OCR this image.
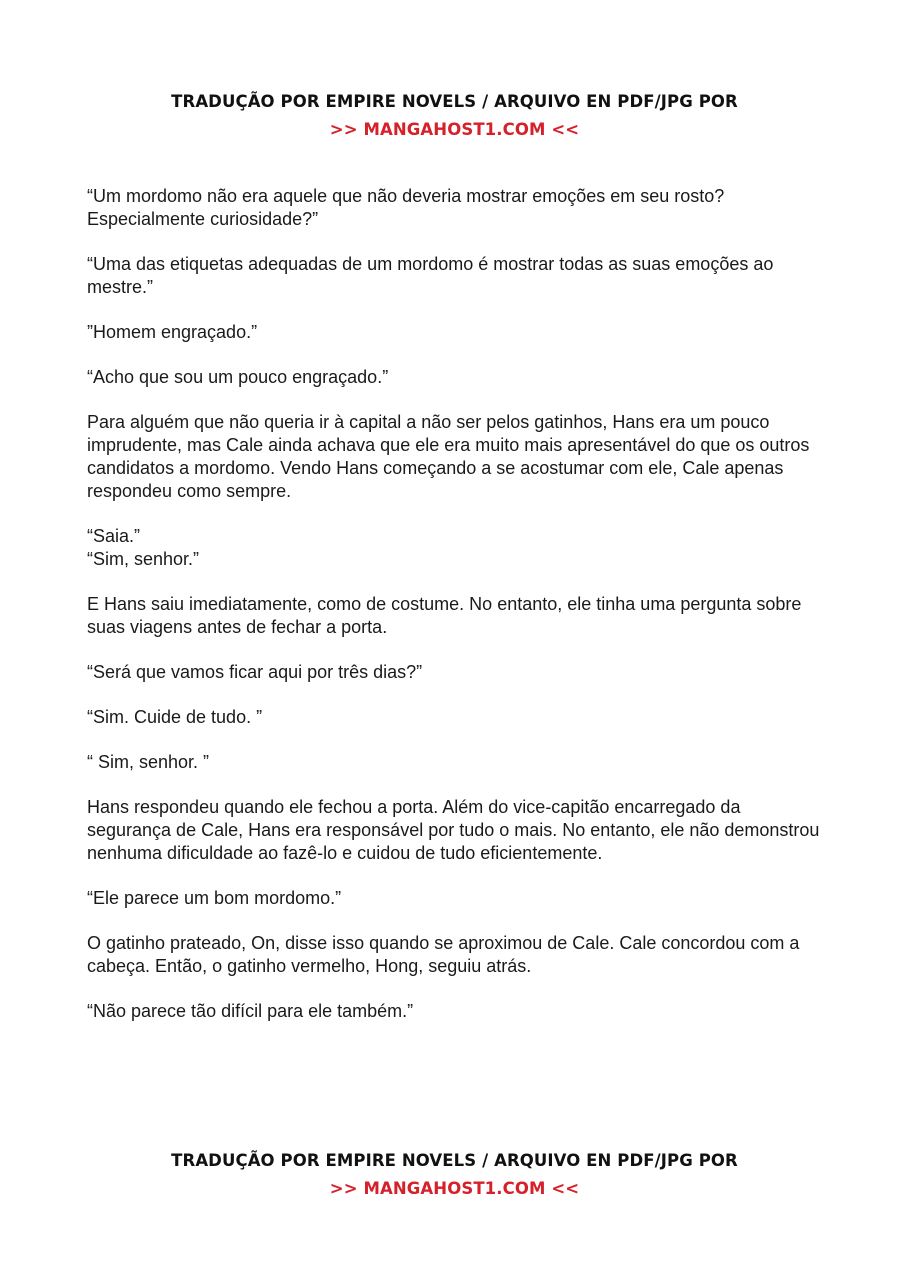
TRADUÇÃO POR EMPIRE NOVELS / ARQUIVO EN PDF/JPG POR
>> MANGAHOST1.COM <<

“Um mordomo não era aquele que não deveria mostrar emoções em seu rosto? Especialmente curiosidade?”

“Uma das etiquetas adequadas de um mordomo é mostrar todas as suas emoções ao mestre.”

”Homem engraçado.”

“Acho que sou um pouco engraçado.”

Para alguém que não queria ir à capital a não ser pelos gatinhos, Hans era um pouco imprudente, mas Cale ainda achava que ele era muito mais apresentável do que os outros candidatos a mordomo. Vendo Hans começando a se acostumar com ele, Cale apenas respondeu como sempre.

“Saia.”

“Sim, senhor.”

E Hans saiu imediatamente, como de costume. No entanto, ele tinha uma pergunta sobre suas viagens antes de fechar a porta.

“Será que vamos ficar aqui por três dias?”

“Sim. Cuide de tudo. ”

“ Sim, senhor. ”

Hans respondeu quando ele fechou a porta. Além do vice-capitão encarregado da segurança de Cale, Hans era responsável por tudo o mais. No entanto, ele não demonstrou nenhuma dificuldade ao fazê-lo e cuidou de tudo eficientemente.

“Ele parece um bom mordomo.”

O gatinho prateado, On, disse isso quando se aproximou de Cale. Cale concordou com a cabeça. Então, o gatinho vermelho, Hong, seguiu atrás.

“Não parece tão difícil para ele também.”

TRADUÇÃO POR EMPIRE NOVELS / ARQUIVO EN PDF/JPG POR
>> MANGAHOST1.COM <<
